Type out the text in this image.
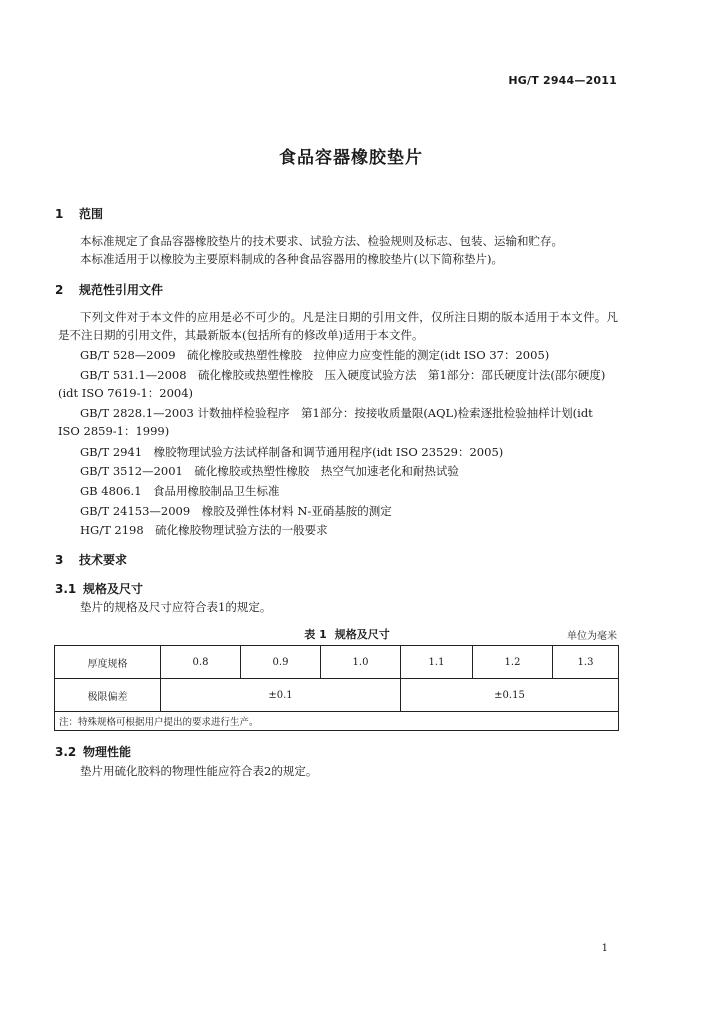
HG/T 2944—2011
食品容器橡胶垫片
1 范围

本标准规定了食品容器橡胶垫片的技术要求、试验方法、检验规则及标志、包装、运输和贮存。

本标准适用于以橡胶为主要原料制成的各种食品容器用的橡胶垫片(以下简称垫片)。

2 规范性引用文件

下列文件对于本文件的应用是必不可少的。凡是注日期的引用文件，仅所注日期的版本适用于本文件。凡是不注日期的引用文件，其最新版本(包括所有的修改单)适用于本文件。

GB/T 528—2009　硫化橡胶或热塑性橡胶　拉伸应力应变性能的测定(idt ISO 37：2005)

GB/T 531.1—2008　硫化橡胶或热塑性橡胶　压入硬度试验方法　第1部分：邵氏硬度计法(邵尔硬度)(idt ISO 7619-1：2004)

GB/T 2828.1—2003 计数抽样检验程序　第1部分：按接收质量限(AQL)检索逐批检验抽样计划(idt ISO 2859-1：1999)

GB/T 2941　橡胶物理试验方法试样制备和调节通用程序(idt ISO 23529：2005)

GB/T 3512—2001　硫化橡胶或热塑性橡胶　热空气加速老化和耐热试验

GB 4806.1　食品用橡胶制品卫生标准

GB/T 24153—2009　橡胶及弹性体材料 N-亚硝基胺的测定

HG/T 2198　硫化橡胶物理试验方法的一般要求

3 技术要求
3.1 规格及尺寸

垫片的规格及尺寸应符合表1的规定。

表 1 规格及尺寸	单位为毫米
厚度规格	0.8	0.9	1.0	1.1	1.2	1.3
极限偏差	±0.1			±0.15		
注：特殊规格可根据用户提出的要求进行生产。						
3.2 物理性能

垫片用硫化胶料的物理性能应符合表2的规定。

1
